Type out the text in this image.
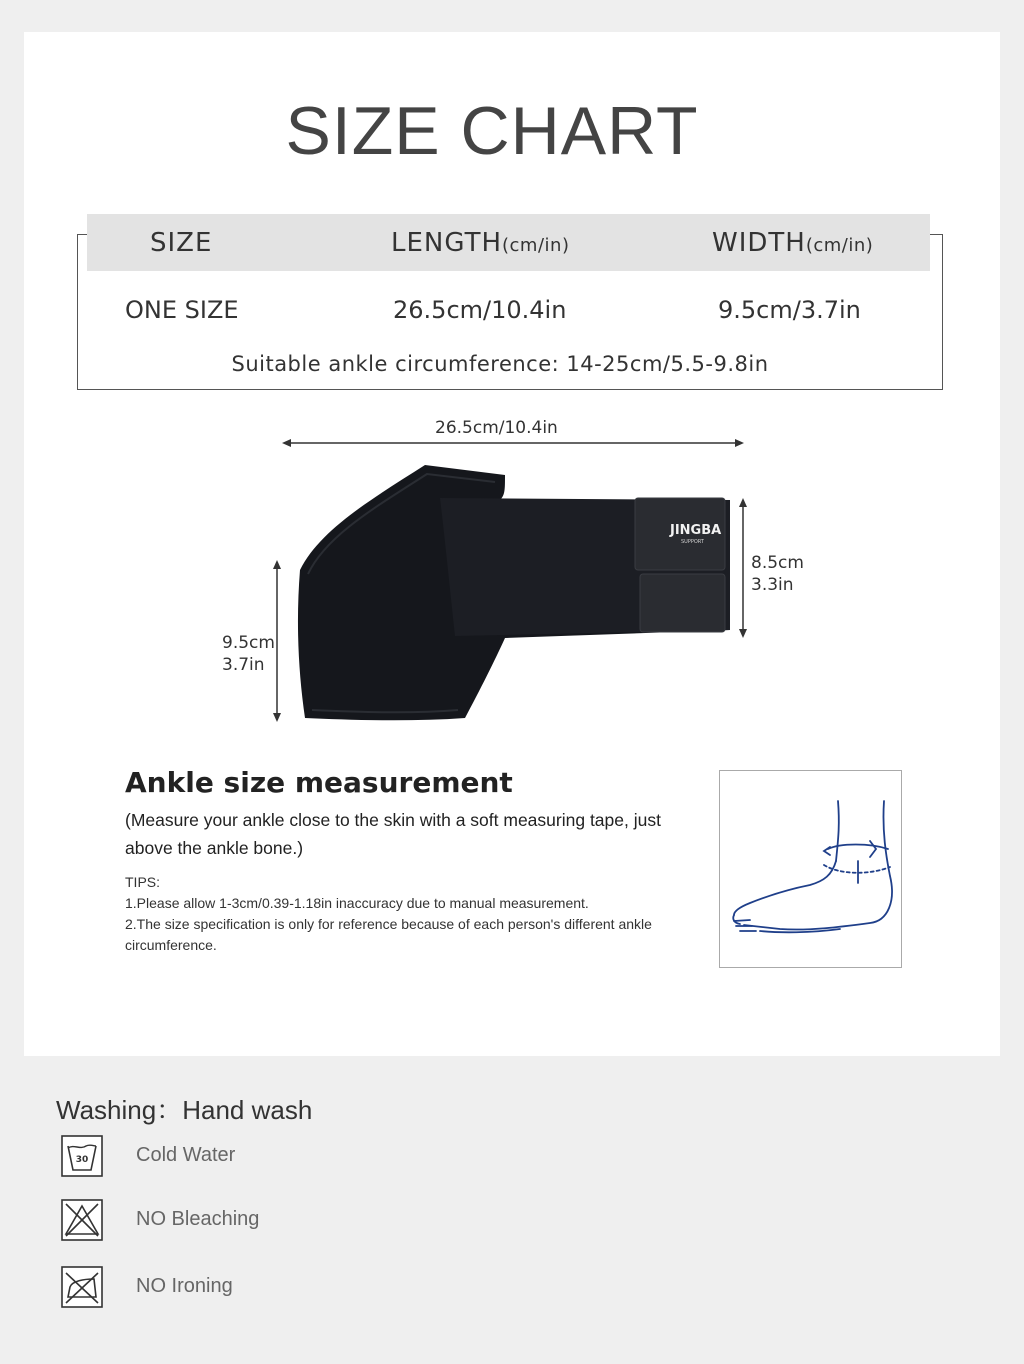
SIZE CHART
SIZE	LENGTH(cm/in)	WIDTH(cm/in)
ONE SIZE	26.5cm/10.4in	9.5cm/3.7in
Suitable ankle circumference: 14-25cm/5.5-9.8in
26.5cm/10.4in
8.5cm
3.3in
9.5cm
3.7in
JINGBA
SUPPORT
Ankle size measurement
(Measure your ankle close to the skin with a soft measuring tape, just above the ankle bone.)
TIPS:
1.Please allow 1-3cm/0.39-1.18in inaccuracy due to manual measurement.
2.The size specification is only for reference because of each person's different ankle circumference.
Washing：Hand wash
30 Cold Water
NO Bleaching
NO Ironing
